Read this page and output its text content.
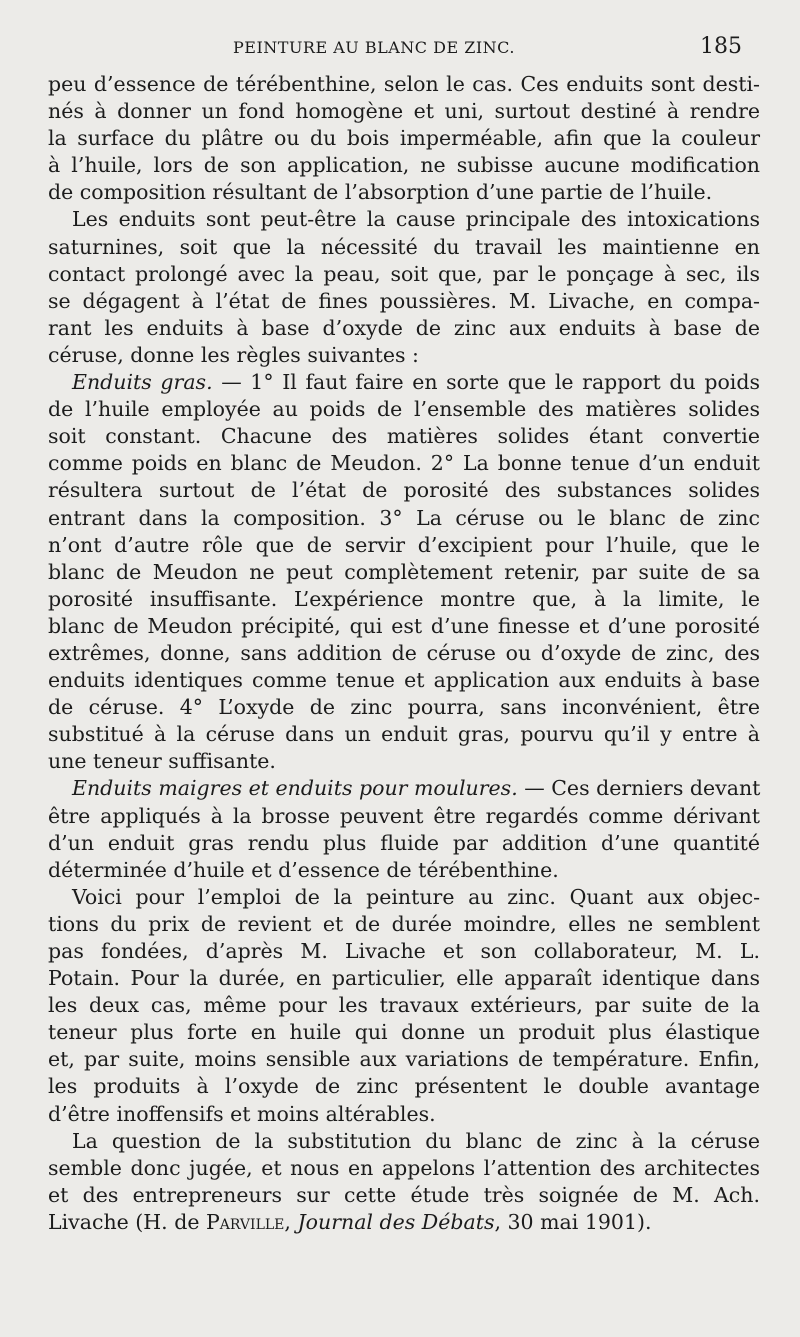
PEINTURE AU BLANC DE ZINC.	185
peu d’essence de térébenthine, selon le cas. Ces enduits sont desti-
nés à donner un fond homogène et uni, surtout destiné à rendre
la surface du plâtre ou du bois imperméable, afin que la couleur
à l’huile, lors de son application, ne subisse aucune modification
de composition résultant de l’absorption d’une partie de l’huile.
Les enduits sont peut-être la cause principale des intoxications
saturnines, soit que la nécessité du travail les maintienne en
contact prolongé avec la peau, soit que, par le ponçage à sec, ils
se dégagent à l’état de fines poussières. M. Livache, en compa-
rant les enduits à base d’oxyde de zinc aux enduits à base de
céruse, donne les règles suivantes :
Enduits gras. — 1° Il faut faire en sorte que le rapport du poids
de l’huile employée au poids de l’ensemble des matières solides
soit constant. Chacune des matières solides étant convertie
comme poids en blanc de Meudon. 2° La bonne tenue d’un enduit
résultera surtout de l’état de porosité des substances solides
entrant dans la composition. 3° La céruse ou le blanc de zinc
n’ont d’autre rôle que de servir d’excipient pour l’huile, que le
blanc de Meudon ne peut complètement retenir, par suite de sa
porosité insuffisante. L’expérience montre que, à la limite, le
blanc de Meudon précipité, qui est d’une finesse et d’une porosité
extrêmes, donne, sans addition de céruse ou d’oxyde de zinc, des
enduits identiques comme tenue et application aux enduits à base
de céruse. 4° L’oxyde de zinc pourra, sans inconvénient, être
substitué à la céruse dans un enduit gras, pourvu qu’il y entre à
une teneur suffisante.
Enduits maigres et enduits pour moulures. — Ces derniers devant
être appliqués à la brosse peuvent être regardés comme dérivant
d’un enduit gras rendu plus fluide par addition d’une quantité
déterminée d’huile et d’essence de térébenthine.
Voici pour l’emploi de la peinture au zinc. Quant aux objec-
tions du prix de revient et de durée moindre, elles ne semblent
pas fondées, d’après M. Livache et son collaborateur, M. L.
Potain. Pour la durée, en particulier, elle apparaît identique dans
les deux cas, même pour les travaux extérieurs, par suite de la
teneur plus forte en huile qui donne un produit plus élastique
et, par suite, moins sensible aux variations de température. Enfin,
les produits à l’oxyde de zinc présentent le double avantage
d’être inoffensifs et moins altérables.
La question de la substitution du blanc de zinc à la céruse
semble donc jugée, et nous en appelons l’attention des architectes
et des entrepreneurs sur cette étude très soignée de M. Ach.
Livache (H. de Parville, Journal des Débats, 30 mai 1901).
